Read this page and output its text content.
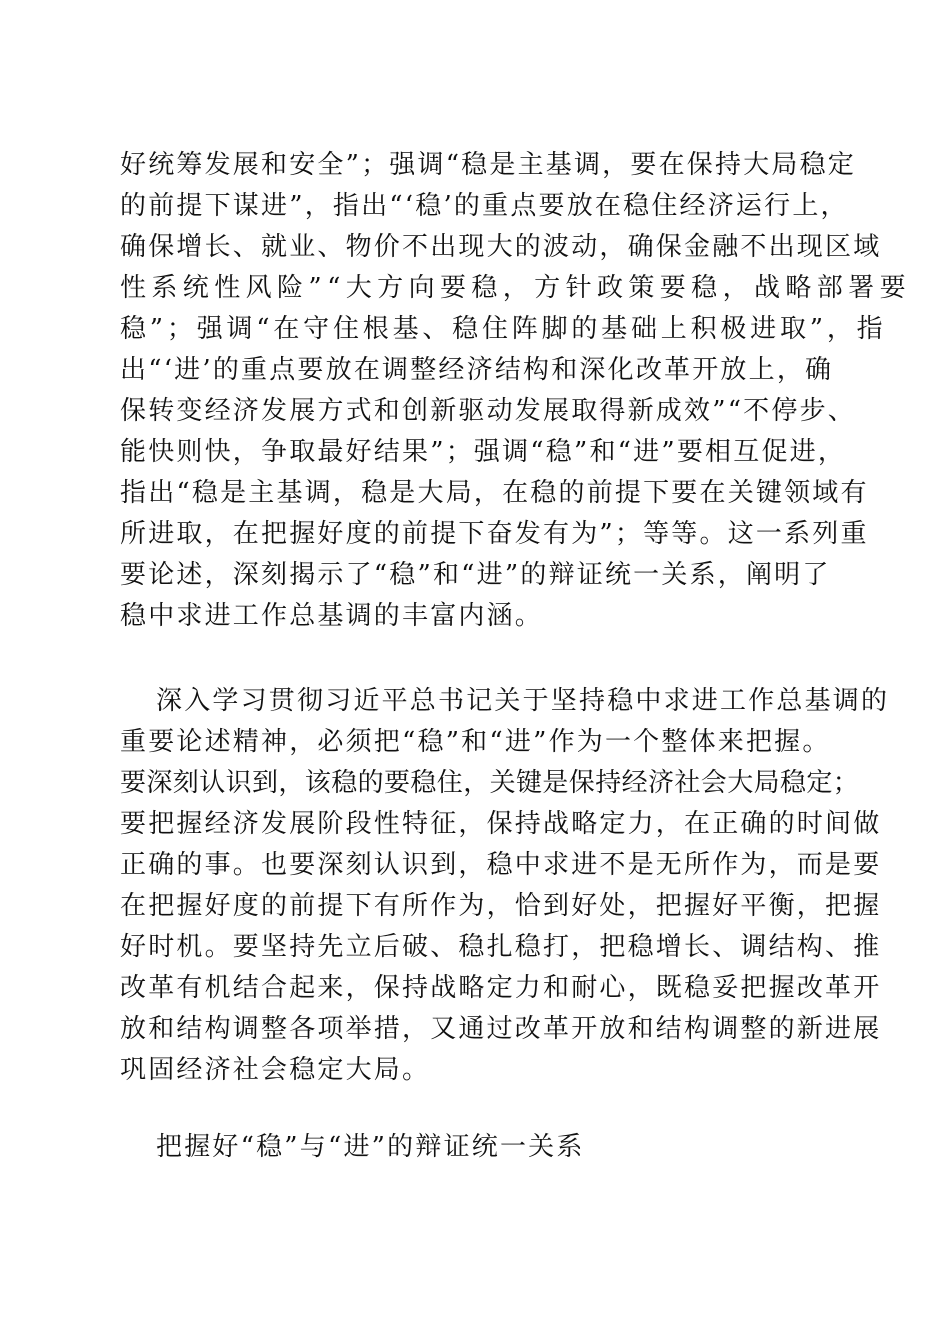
好统筹发展和安全”；强调“稳是主基调，要在保持大局稳定
的前提下谋进”，指出“‘稳’的重点要放在稳住经济运行上，
确保增长、就业、物价不出现大的波动，确保金融不出现区域
性系统性风险”“大方向要稳，方针政策要稳，战略部署要
稳”；强调“在守住根基、稳住阵脚的基础上积极进取”，指
出“‘进’的重点要放在调整经济结构和深化改革开放上，确
保转变经济发展方式和创新驱动发展取得新成效”“不停步、
能快则快，争取最好结果”；强调“稳”和“进”要相互促进，
指出“稳是主基调，稳是大局，在稳的前提下要在关键领域有
所进取，在把握好度的前提下奋发有为”；等等。这一系列重
要论述，深刻揭示了“稳”和“进”的辩证统一关系，阐明了
稳中求进工作总基调的丰富内涵。
深入学习贯彻习近平总书记关于坚持稳中求进工作总基调的
重要论述精神，必须把“稳”和“进”作为一个整体来把握。
要深刻认识到，该稳的要稳住，关键是保持经济社会大局稳定；
要把握经济发展阶段性特征，保持战略定力，在正确的时间做
正确的事。也要深刻认识到，稳中求进不是无所作为，而是要
在把握好度的前提下有所作为，恰到好处，把握好平衡，把握
好时机。要坚持先立后破、稳扎稳打，把稳增长、调结构、推
改革有机结合起来，保持战略定力和耐心，既稳妥把握改革开
放和结构调整各项举措，又通过改革开放和结构调整的新进展
巩固经济社会稳定大局。
把握好“稳”与“进”的辩证统一关系
